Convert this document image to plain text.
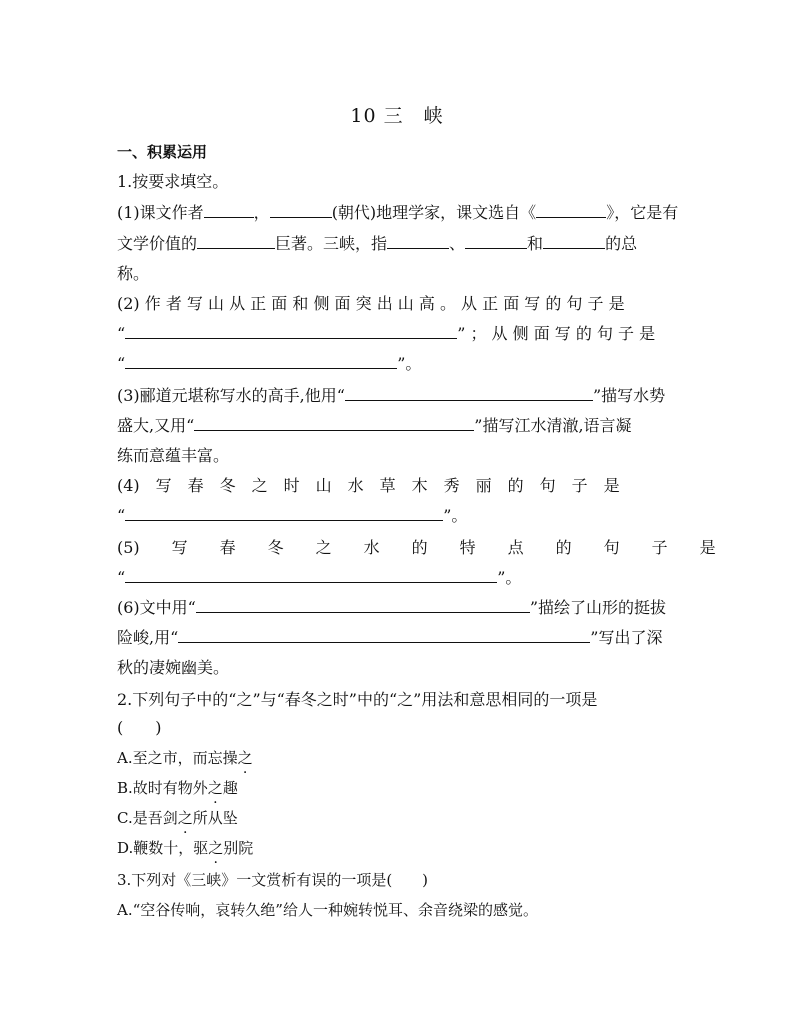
10 三　峡
一、积累运用
1.按要求填空。
(1)课文作者	，	(朝代)地理学家，课文选自《	》，它是有
文学价值的	巨著。三峡，指	、	和	的总
称。
(2) 作 者 写 山 从 正 面 和 侧 面 突 出 山 高 。 从 正 面 写 的 句 子 是
“	” ； 从 侧 面 写 的 句 子 是
“	”。
(3)郦道元堪称写水的高手,他用“	”描写水势
盛大,又用“	”描写江水清澈,语言凝
练而意蕴丰富。
(4)　写　春　冬　之　时　山　水　草　木　秀　丽　的　句　子　是
“	”。
(5)　　写　　春　　冬　　之　　水　　的　　特　　点　　的　　句　　子　　是
“	”。
(6)文中用“	”描绘了山形的挺拔
险峻,用“	”写出了深
秋的凄婉幽美。
2.下列句子中的“之”与“春冬之时”中的“之”用法和意思相同的一项是
(　　)
A.至之市，而忘操之
B.故时有物外之趣
C.是吾剑之所从坠
D.鞭数十，驱之别院
3.下列对《三峡》一文赏析有误的一项是(　　)
A.“空谷传响，哀转久绝”给人一种婉转悦耳、余音绕梁的感觉。
